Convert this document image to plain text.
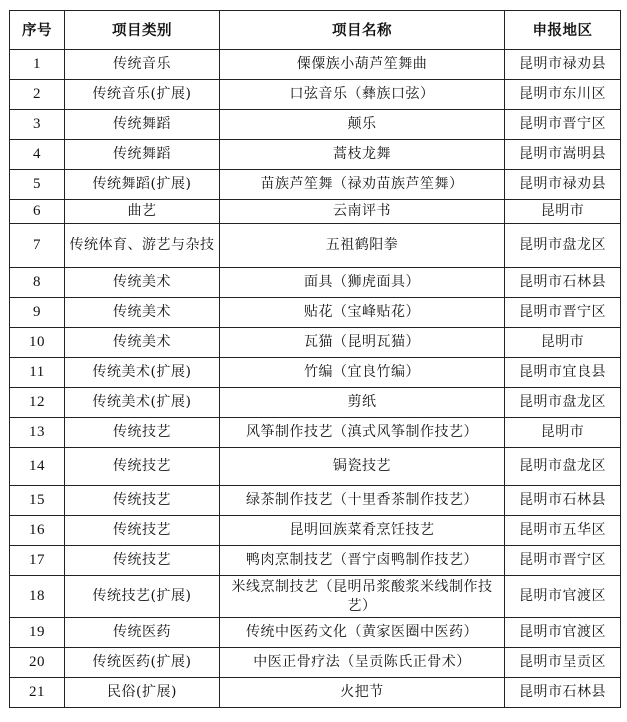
序号	项目类别	项目名称	申报地区
1	传统音乐	傈僳族小葫芦笙舞曲	昆明市禄劝县
2	传统音乐(扩展)	口弦音乐（彝族口弦）	昆明市东川区
3	传统舞蹈	颠乐	昆明市晋宁区
4	传统舞蹈	蒿枝龙舞	昆明市嵩明县
5	传统舞蹈(扩展)	苗族芦笙舞（禄劝苗族芦笙舞）	昆明市禄劝县
6	曲艺	云南评书	昆明市
7	传统体育、游艺与杂技	五祖鹤阳拳	昆明市盘龙区
8	传统美术	面具（狮虎面具）	昆明市石林县
9	传统美术	贴花（宝峰贴花）	昆明市晋宁区
10	传统美术	瓦猫（昆明瓦猫）	昆明市
11	传统美术(扩展)	竹编（宜良竹编）	昆明市宜良县
12	传统美术(扩展)	剪纸	昆明市盘龙区
13	传统技艺	风筝制作技艺（滇式风筝制作技艺）	昆明市
14	传统技艺	锔瓷技艺	昆明市盘龙区
15	传统技艺	绿茶制作技艺（十里香茶制作技艺）	昆明市石林县
16	传统技艺	昆明回族菜肴烹饪技艺	昆明市五华区
17	传统技艺	鸭肉烹制技艺（晋宁卤鸭制作技艺）	昆明市晋宁区
18	传统技艺(扩展)	米线烹制技艺（昆明吊浆酸浆米线制作技艺）	昆明市官渡区
19	传统医药	传统中医药文化（黄家医圈中医药）	昆明市官渡区
20	传统医药(扩展)	中医正骨疗法（呈贡陈氏正骨术）	昆明市呈贡区
21	民俗(扩展)	火把节	昆明市石林县
